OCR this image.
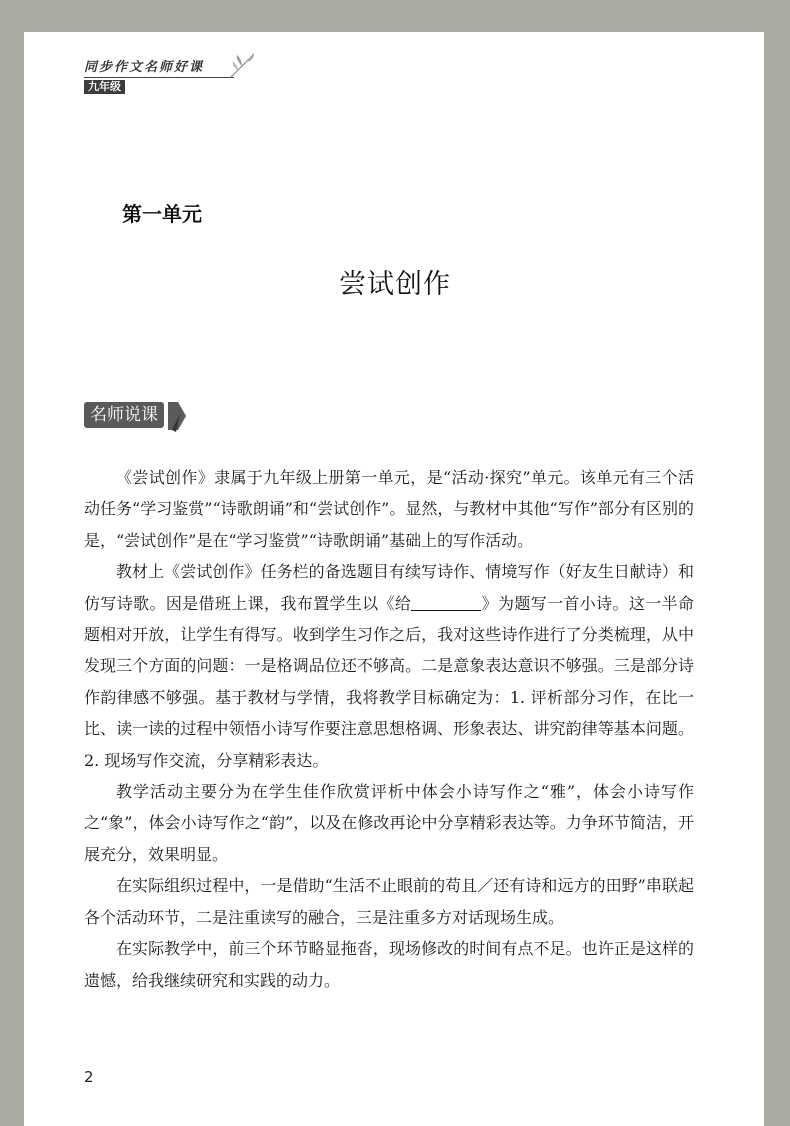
同步作文名师好课
九年级
第一单元
尝试创作
名师说课

《尝试创作》隶属于九年级上册第一单元，是“活动·探究”单元。该单元有三个活动任务“学习鉴赏”“诗歌朗诵”和“尝试创作”。显然，与教材中其他“写作”部分有区别的是，“尝试创作”是在“学习鉴赏”“诗歌朗诵”基础上的写作活动。

教材上《尝试创作》任务栏的备选题目有续写诗作、情境写作（好友生日献诗）和仿写诗歌。因是借班上课，我布置学生以《给	》为题写一首小诗。这一半命题相对开放，让学生有得写。收到学生习作之后，我对这些诗作进行了分类梳理，从中发现三个方面的问题：一是格调品位还不够高。二是意象表达意识不够强。三是部分诗作韵律感不够强。基于教材与学情，我将教学目标确定为：1. 评析部分习作，在比一比、读一读的过程中领悟小诗写作要注意思想格调、形象表达、讲究韵律等基本问题。2. 现场写作交流，分享精彩表达。

教学活动主要分为在学生佳作欣赏评析中体会小诗写作之“雅”，体会小诗写作之“象”，体会小诗写作之“韵”，以及在修改再论中分享精彩表达等。力争环节简洁，开展充分，效果明显。

在实际组织过程中，一是借助“生活不止眼前的苟且／还有诗和远方的田野”串联起各个活动环节，二是注重读写的融合，三是注重多方对话现场生成。

在实际教学中，前三个环节略显拖沓，现场修改的时间有点不足。也许正是这样的遗憾，给我继续研究和实践的动力。

2
